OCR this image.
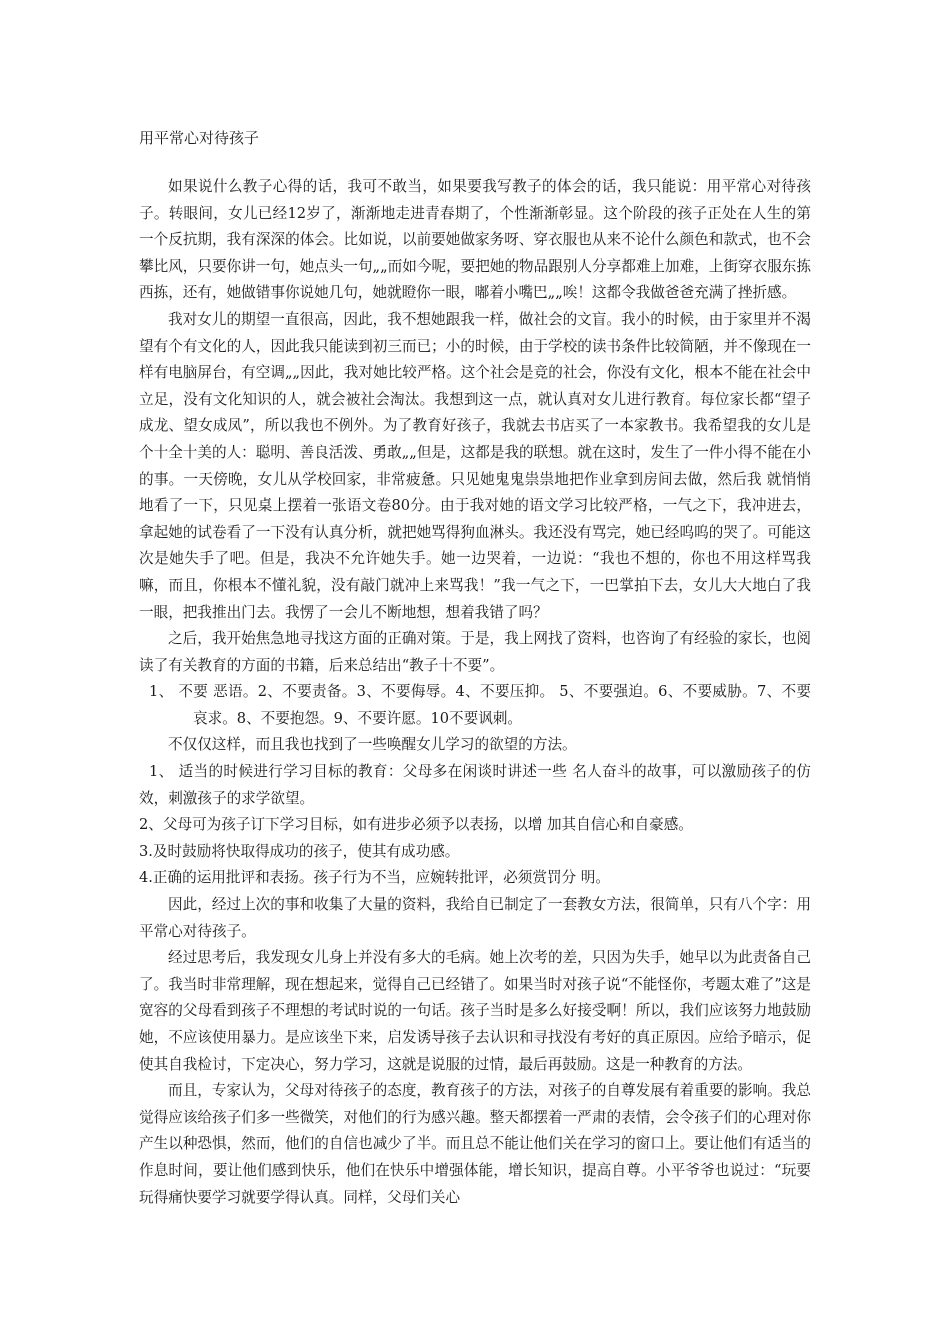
用平常心对待孩子

如果说什么教子心得的话，我可不敢当，如果要我写教子的体会的话，我只能说：用平常心对待孩子。转眼间，女儿已经12岁了，渐渐地走进青春期了，个性渐渐彰显。这个阶段的孩子正处在人生的第一个反抗期，我有深深的体会。比如说，以前要她做家务呀、穿衣服也从来不论什么颜色和款式，也不会攀比风，只要你讲一句，她点头一句„„而如今呢，要把她的物品跟别人分享都难上加难，上街穿衣服东拣西拣，还有，她做错事你说她几句，她就瞪你一眼，嘟着小嘴巴„„唉！这都令我做爸爸充满了挫折感。

我对女儿的期望一直很高，因此，我不想她跟我一样，做社会的文盲。我小的时候，由于家里并不渴望有个有文化的人，因此我只能读到初三而已；小的时候，由于学校的读书条件比较简陋，并不像现在一样有电脑屏台，有空调„„因此，我对她比较严格。这个社会是竞的社会，你没有文化，根本不能在社会中立足，没有文化知识的人，就会被社会淘汰。我想到这一点，就认真对女儿进行教育。每位家长都“望子成龙、望女成凤”，所以我也不例外。为了教育好孩子，我就去书店买了一本家教书。我希望我的女儿是个十全十美的人：聪明、善良活泼、勇敢„„但是，这都是我的联想。就在这时，发生了一件小得不能在小的事。一天傍晚，女儿从学校回家，非常疲惫。只见她鬼鬼祟祟地把作业拿到房间去做，然后我 就悄悄地看了一下，只见桌上摆着一张语文卷80分。由于我对她的语文学习比较严格，一气之下，我冲进去，拿起她的试卷看了一下没有认真分析，就把她骂得狗血淋头。我还没有骂完，她已经呜呜的哭了。可能这次是她失手了吧。但是，我决不允许她失手。她一边哭着，一边说：“我也不想的，你也不用这样骂我嘛，而且，你根本不懂礼貌，没有敲门就冲上来骂我！”我一气之下，一巴掌拍下去，女儿大大地白了我一眼，把我推出门去。我愣了一会儿不断地想，想着我错了吗？

之后，我开始焦急地寻找这方面的正确对策。于是，我上网找了资料，也咨询了有经验的家长，也阅读了有关教育的方面的书籍，后来总结出“教子十不要”。

1、 不要 恶语。2、不要责备。3、不要侮辱。4、不要压抑。 5、不要强迫。6、不要威胁。7、不要哀求。8、不要抱怨。9、不要许愿。10不要讽刺。

不仅仅这样，而且我也找到了一些唤醒女儿学习的欲望的方法。

1、 适当的时候进行学习目标的教育：父母多在闲谈时讲述一些 名人奋斗的故事，可以激励孩子的仿效，刺激孩子的求学欲望。

2、父母可为孩子订下学习目标，如有进步必须予以表扬，以增 加其自信心和自豪感。

3.及时鼓励将快取得成功的孩子，使其有成功感。

4.正确的运用批评和表扬。孩子行为不当，应婉转批评，必须赏罚分 明。

因此，经过上次的事和收集了大量的资料，我给自已制定了一套教女方法，很简单，只有八个字：用平常心对待孩子。

经过思考后，我发现女儿身上并没有多大的毛病。她上次考的差，只因为失手，她早以为此责备自己了。我当时非常理解，现在想起来，觉得自己已经错了。如果当时对孩子说“不能怪你，考题太难了”这是宽容的父母看到孩子不理想的考试时说的一句话。孩子当时是多么好接受啊！所以，我们应该努力地鼓励她，不应该使用暴力。是应该坐下来，启发诱导孩子去认识和寻找没有考好的真正原因。应给予暗示，促使其自我检讨，下定决心，努力学习，这就是说服的过情，最后再鼓励。这是一种教育的方法。

而且，专家认为，父母对待孩子的态度，教育孩子的方法，对孩子的自尊发展有着重要的影响。我总觉得应该给孩子们多一些微笑，对他们的行为感兴趣。整天都摆着一严肃的表情，会令孩子们的心理对你产生以种恐惧，然而，他们的自信也减少了半。而且总不能让他们关在学习的窗口上。要让他们有适当的作息时间，要让他们感到快乐，他们在快乐中增强体能，增长知识，提高自尊。小平爷爷也说过：“玩要玩得痛快要学习就要学得认真。同样，父母们关心
